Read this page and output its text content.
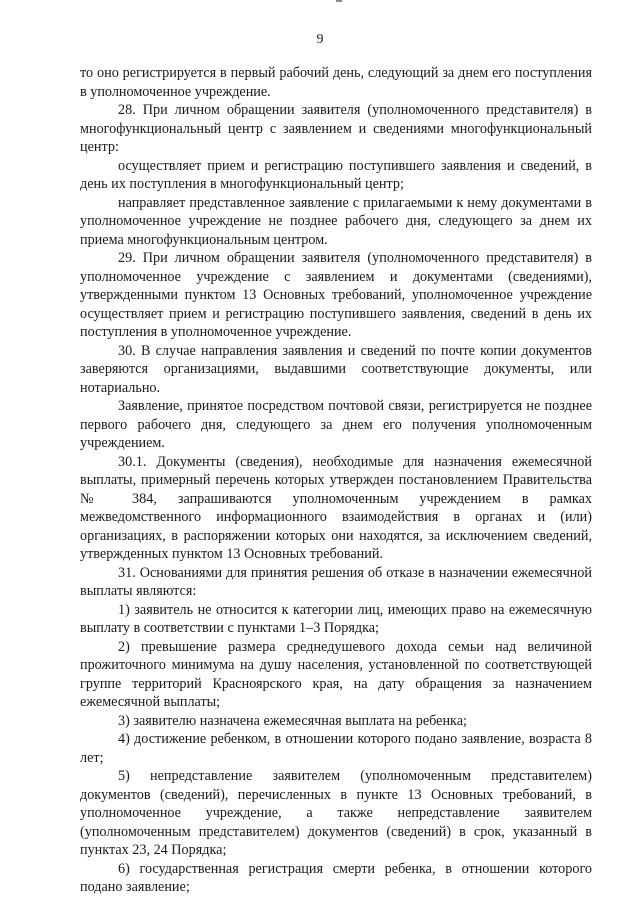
9

то оно регистрируется в первый рабочий день, следующий за днем его поступления в уполномоченное учреждение.

28. При личном обращении заявителя (уполномоченного представителя) в многофункциональный центр с заявлением и сведениями многофункциональный центр:

осуществляет прием и регистрацию поступившего заявления и сведений, в день их поступления в многофункциональный центр;

направляет представленное заявление с прилагаемыми к нему документами в уполномоченное учреждение не позднее рабочего дня, следующего за днем их приема многофункциональным центром.

29. При личном обращении заявителя (уполномоченного представителя) в уполномоченное учреждение с заявлением и документами (сведениями), утвержденными пунктом 13 Основных требований, уполномоченное учреждение осуществляет прием и регистрацию поступившего заявления, сведений в день их поступления в уполномоченное учреждение.

30. В случае направления заявления и сведений по почте копии документов заверяются организациями, выдавшими соответствующие документы, или нотариально.

Заявление, принятое посредством почтовой связи, регистрируется не позднее первого рабочего дня, следующего за днем его получения уполномоченным учреждением.

30.1. Документы (сведения), необходимые для назначения ежемесячной выплаты, примерный перечень которых утвержден постановлением Правительства № 384, запрашиваются уполномоченным учреждением в рамках межведомственного информационного взаимодействия в органах и (или) организациях, в распоряжении которых они находятся, за исключением сведений, утвержденных пунктом 13 Основных требований.

31. Основаниями для принятия решения об отказе в назначении ежемесячной выплаты являются:

1) заявитель не относится к категории лиц, имеющих право на ежемесячную выплату в соответствии с пунктами 1–3 Порядка;

2) превышение размера среднедушевого дохода семьи над величиной прожиточного минимума на душу населения, установленной по соответствующей группе территорий Красноярского края, на дату обращения за назначением ежемесячной выплаты;

3) заявителю назначена ежемесячная выплата на ребенка;

4) достижение ребенком, в отношении которого подано заявление, возраста 8 лет;

5) непредставление заявителем (уполномоченным представителем) документов (сведений), перечисленных в пункте 13 Основных требований, в уполномоченное учреждение, а также непредставление заявителем (уполномоченным представителем) документов (сведений) в срок, указанный в пунктах 23, 24 Порядка;

6) государственная регистрация смерти ребенка, в отношении которого подано заявление;
